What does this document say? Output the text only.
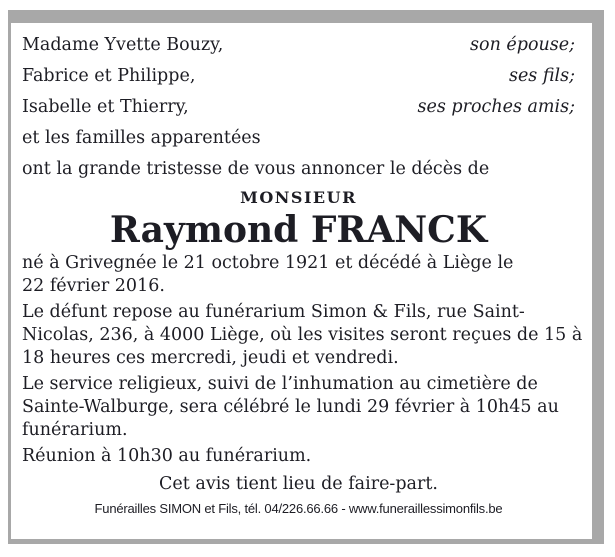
Madame Yvette Bouzy,	son épouse;
Fabrice et Philippe,	ses fils;
Isabelle et Thierry,	ses proches amis;
et les familles apparentées
ont la grande tristesse de vous annoncer le décès de
MONSIEUR
Raymond FRANCK
né à Grivegnée le 21 octobre 1921 et décédé à Liège le
22 février 2016.
Le défunt repose au funérarium Simon & Fils, rue Saint-
Nicolas, 236, à 4000 Liège, où les visites seront reçues de 15 à
18 heures ces mercredi, jeudi et vendredi.
Le service religieux, suivi de l’inhumation au cimetière de
Sainte-Walburge, sera célébré le lundi 29 février à 10h45 au
funérarium.
Réunion à 10h30 au funérarium.
Cet avis tient lieu de faire-part.
Funérailles SIMON et Fils, tél. 04/226.66.66 - www.funeraillessimonfils.be
